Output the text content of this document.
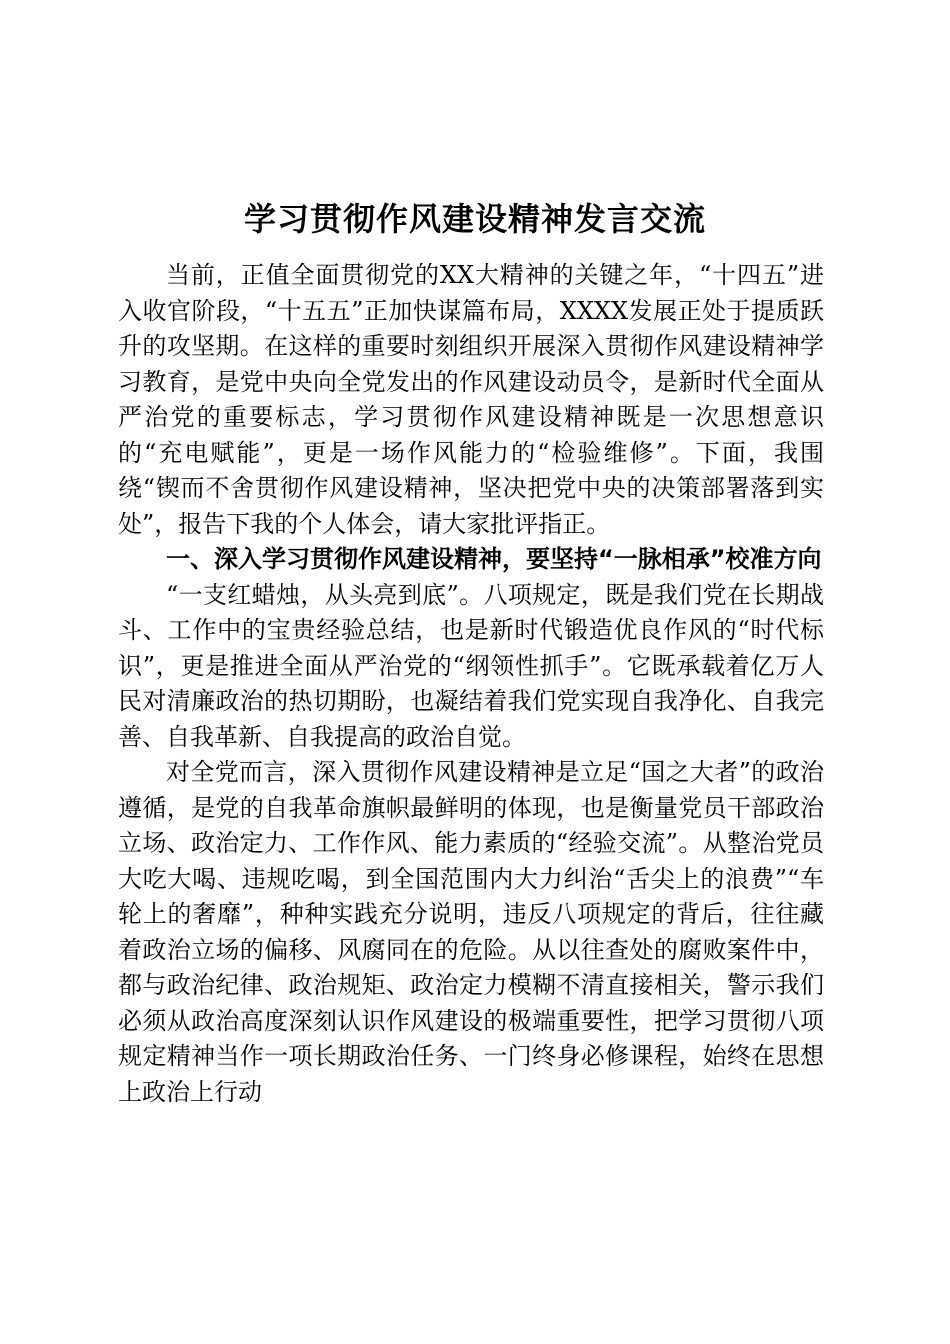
学习贯彻作风建设精神发言交流

当前，正值全面贯彻党的XX大精神的关键之年，“十四五”进入收官阶段，“十五五”正加快谋篇布局，XXXX发展正处于提质跃升的攻坚期。在这样的重要时刻组织开展深入贯彻作风建设精神学习教育，是党中央向全党发出的作风建设动员令，是新时代全面从严治党的重要标志，学习贯彻作风建设精神既是一次思想意识的“充电赋能”，更是一场作风能力的“检验维修”。下面，我围绕“锲而不舍贯彻作风建设精神，坚决把党中央的决策部署落到实处”，报告下我的个人体会，请大家批评指正。

一、深入学习贯彻作风建设精神，要坚持“一脉相承”校准方向

“一支红蜡烛，从头亮到底”。八项规定，既是我们党在长期战斗、工作中的宝贵经验总结，也是新时代锻造优良作风的“时代标识”，更是推进全面从严治党的“纲领性抓手”。它既承载着亿万人民对清廉政治的热切期盼，也凝结着我们党实现自我净化、自我完善、自我革新、自我提高的政治自觉。

对全党而言，深入贯彻作风建设精神是立足“国之大者”的政治遵循，是党的自我革命旗帜最鲜明的体现，也是衡量党员干部政治立场、政治定力、工作作风、能力素质的“经验交流”。从整治党员大吃大喝、违规吃喝，到全国范围内大力纠治“舌尖上的浪费”“车轮上的奢靡”，种种实践充分说明，违反八项规定的背后，往往藏着政治立场的偏移、风腐同在的危险。从以往查处的腐败案件中，都与政治纪律、政治规矩、政治定力模糊不清直接相关，警示我们必须从政治高度深刻认识作风建设的极端重要性，把学习贯彻八项规定精神当作一项长期政治任务、一门终身必修课程，始终在思想上政治上行动
